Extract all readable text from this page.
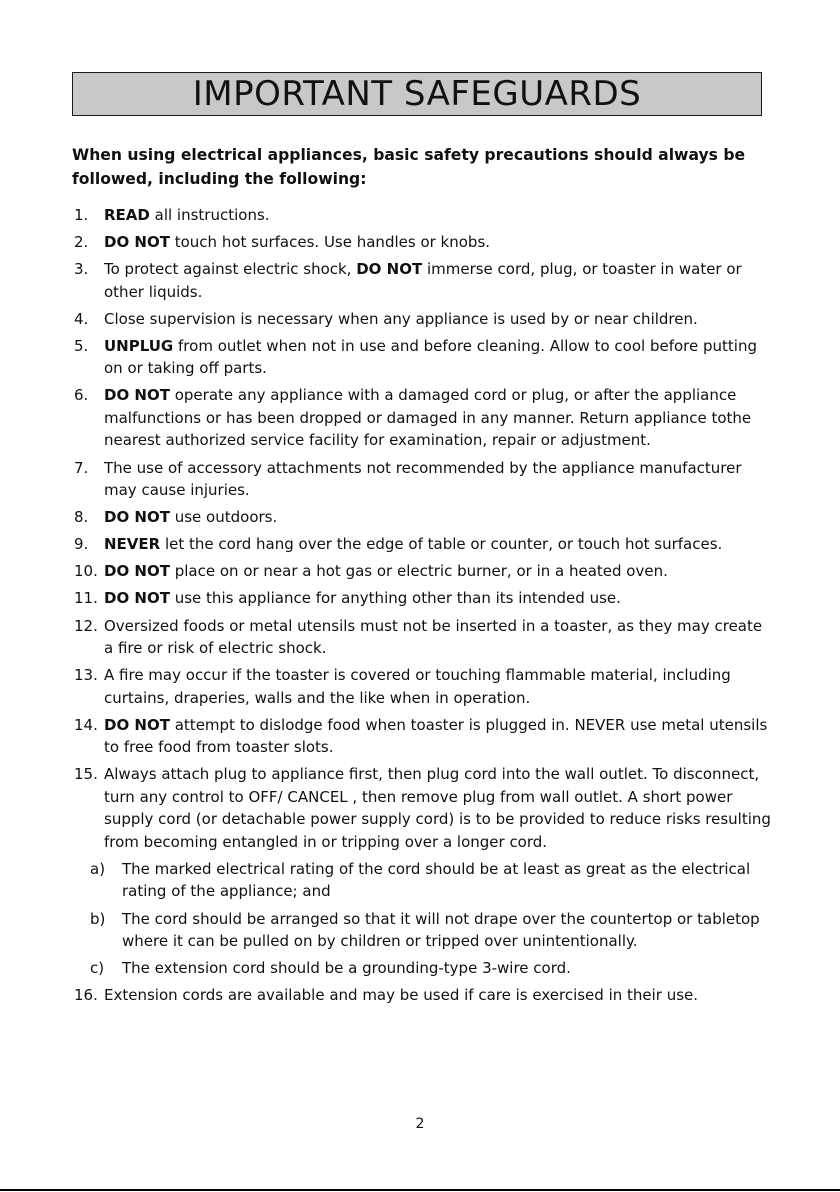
IMPORTANT SAFEGUARDS
When using electrical appliances, basic safety precautions should always be followed, including the following:
1. READ all instructions.
2. DO NOT touch hot surfaces. Use handles or knobs.
3. To protect against electric shock, DO NOT immerse cord, plug, or toaster in water or other liquids.
4. Close supervision is necessary when any appliance is used by or near children.
5. UNPLUG from outlet when not in use and before cleaning. Allow to cool before putting on or taking off parts.
6. DO NOT operate any appliance with a damaged cord or plug, or after the appliance malfunctions or has been dropped or damaged in any manner. Return appliance tothe nearest authorized service facility for examination, repair or adjustment.
7. The use of accessory attachments not recommended by the appliance manufacturer may cause injuries.
8. DO NOT use outdoors.
9. NEVER let the cord hang over the edge of table or counter, or touch hot surfaces.
10. DO NOT place on or near a hot gas or electric burner, or in a heated oven.
11. DO NOT use this appliance for anything other than its intended use.
12. Oversized foods or metal utensils must not be inserted in a toaster, as they may create a fire or risk of electric shock.
13. A fire may occur if the toaster is covered or touching flammable material, including curtains, draperies, walls and the like when in operation.
14. DO NOT attempt to dislodge food when toaster is plugged in. NEVER use metal utensils to free food from toaster slots.
15. Always attach plug to appliance first, then plug cord into the wall outlet. To disconnect, turn any control to OFF/ CANCEL , then remove plug from wall outlet. A short power supply cord (or detachable power supply cord) is to be provided to reduce risks resulting from becoming entangled in or tripping over a longer cord.
a) The marked electrical rating of the cord should be at least as great as the electrical rating of the appliance; and
b) The cord should be arranged so that it will not drape over the countertop or tabletop where it can be pulled on by children or tripped over unintentionally.
c) The extension cord should be a grounding-type 3-wire cord.
16. Extension cords are available and may be used if care is exercised in their use.
2
